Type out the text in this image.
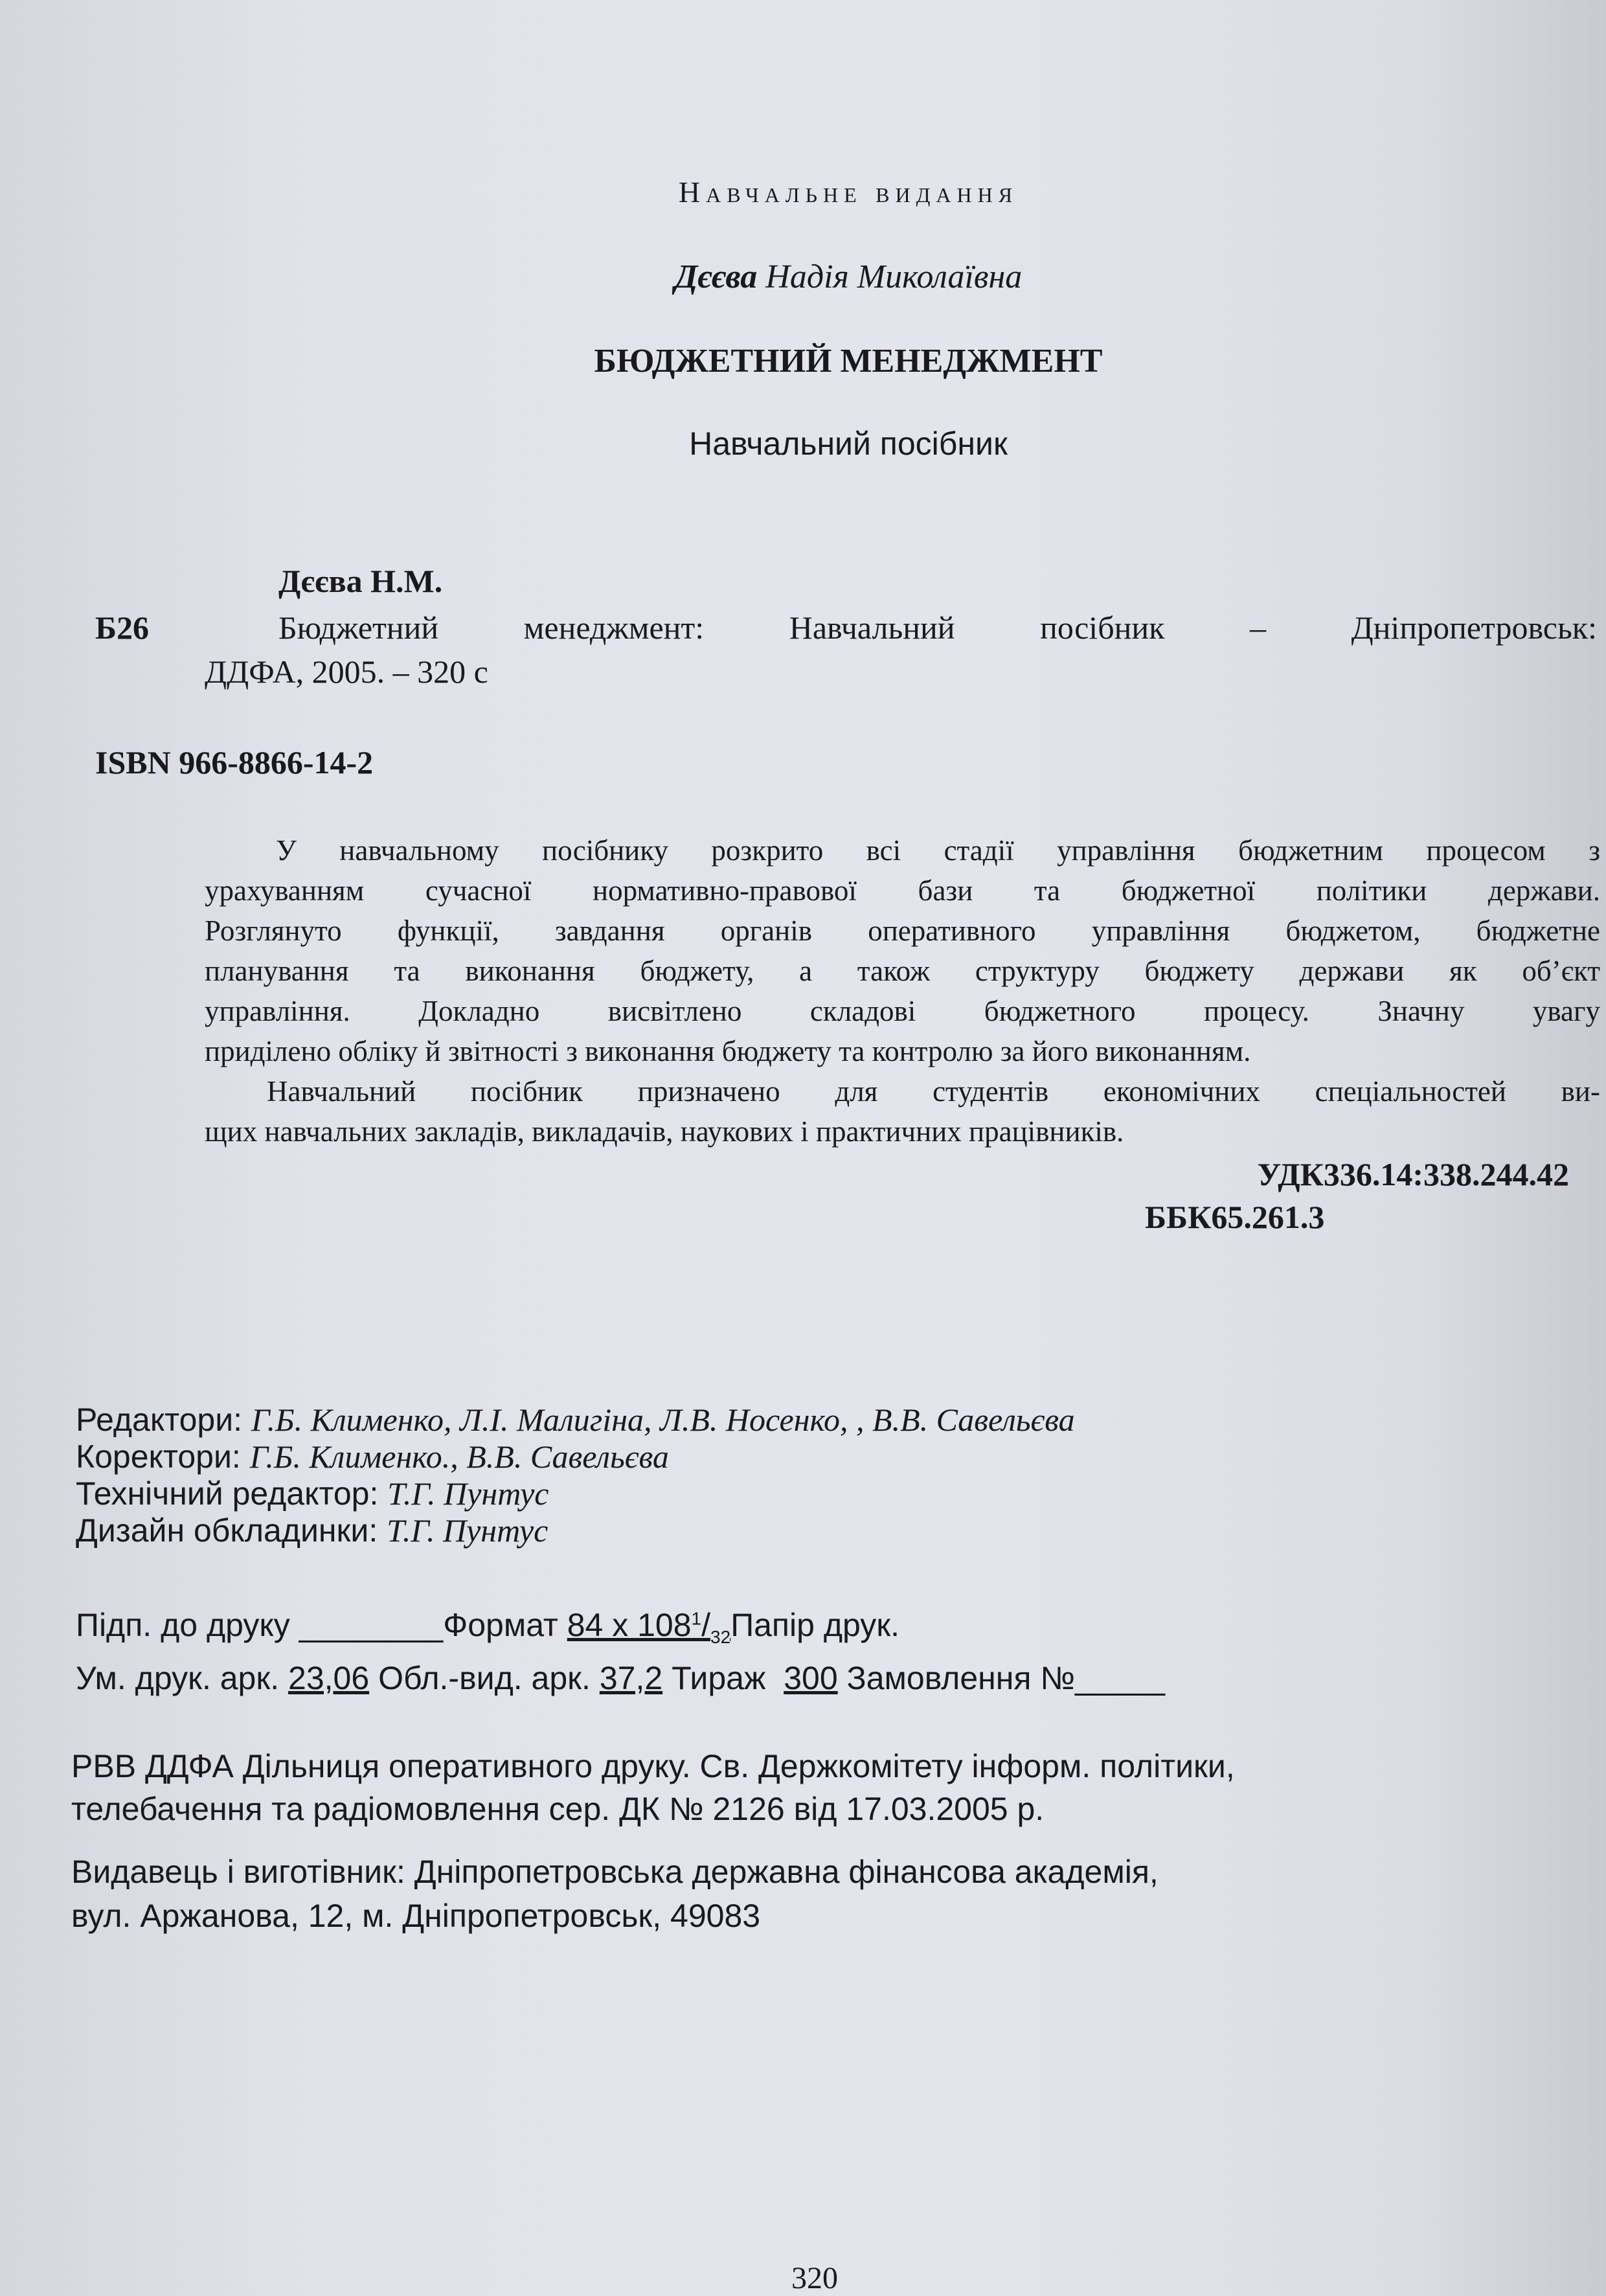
Навчальне видання
Дєєва Надія Миколаївна
БЮДЖЕТНИЙ МЕНЕДЖМЕНТ
Навчальний посібник
Дєєва Н.М.
Б26	Бюджетний менеджмент: Навчальний посібник – Дніпропетровськ:
ДДФА, 2005. – 320 с
ISBN 966-8866-14-2
У навчальному посібнику розкрито всі стадії управління бюджетним процесом з
урахуванням сучасної нормативно-правової бази та бюджетної політики держави.
Розглянуто функції, завдання органів оперативного управління бюджетом, бюджетне
планування та виконання бюджету, а також структуру бюджету держави як об’єкт
управління. Докладно висвітлено складові бюджетного процесу. Значну увагу
приділено обліку й звітності з виконання бюджету та контролю за його виконанням.
Навчальний посібник призначено для студентів економічних спеціальностей ви-
щих навчальних закладів, викладачів, наукових і практичних працівників.
УДК336.14:338.244.42
ББК65.261.3
Редактори: Г.Б. Клименко, Л.І. Малигіна, Л.В. Носенко, , В.В. Савельєва
Коректори: Г.Б. Клименко., В.В. Савельєва
Технічний редактор: Т.Г. Пунтус
Дизайн обкладинки: Т.Г. Пунтус
Підп. до друку ________Формат 84 х $108^1/_{32}Папір$ друк.
Ум. друк. арк. 23,06 Обл.-вид. арк. 37,2 Тираж 300 Замовлення №_____
РВВ ДДФА Дільниця оперативного друку. Св. Держкомітету інформ. політики,
телебачення та радіомовлення сер. ДК № 2126 від 17.03.2005 р.
Видавець і виготівник: Дніпропетровська державна фінансова академія,
вул. Аржанова, 12, м. Дніпропетровськ, 49083
320
